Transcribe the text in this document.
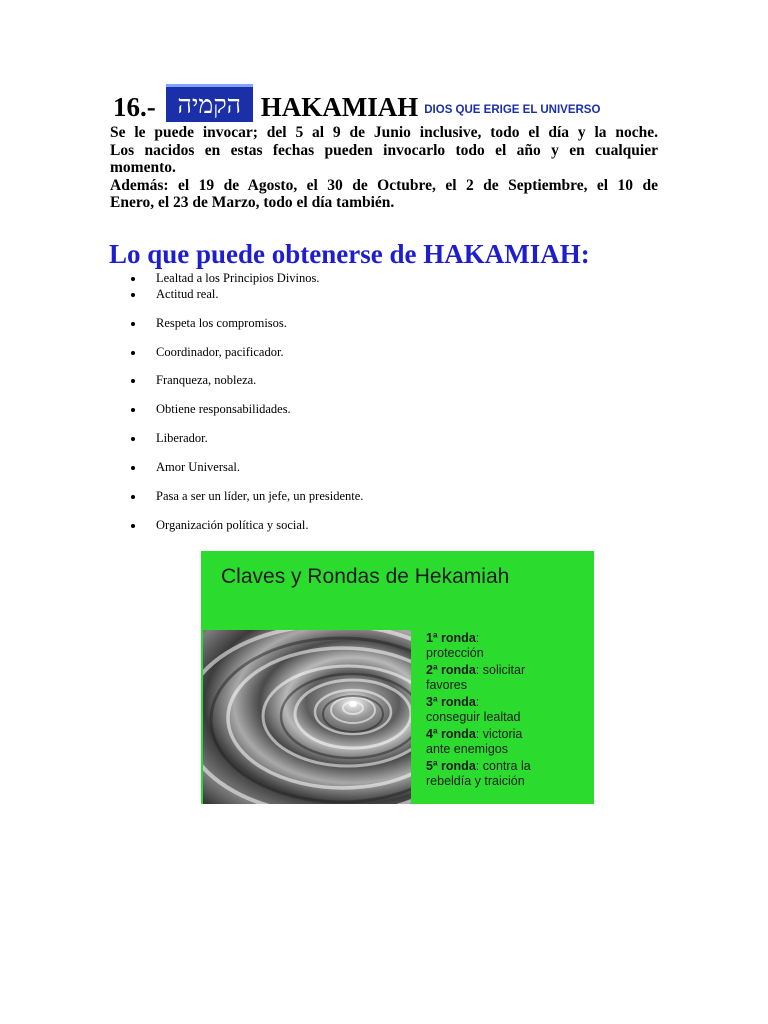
16.- הקמיה HAKAMIAH DIOS QUE ERIGE EL UNIVERSO

Se le puede invocar; del 5 al 9 de Junio inclusive, todo el día y la noche.

Los nacidos en estas fechas pueden invocarlo todo el año y en cualquier

momento.

Además: el 19 de Agosto, el 30 de Octubre, el 2 de Septiembre, el 10 de

Enero, el 23 de Marzo, todo el día también.

Lo que puede obtenerse de HAKAMIAH:
Lealtad a los Principios Divinos.
Actitud real.
Respeta los compromisos.
Coordinador, pacificador.
Franqueza, nobleza.
Obtiene responsabilidades.
Liberador.
Amor Universal.
Pasa a ser un líder, un jefe, un presidente.
Organización política y social.
Claves y Rondas de Hekamiah
1ª ronda:
protección
2ª ronda: solicitar
favores
3ª ronda:
conseguir lealtad
4ª ronda: victoria
ante enemigos
5ª ronda: contra la
rebeldía y traición
